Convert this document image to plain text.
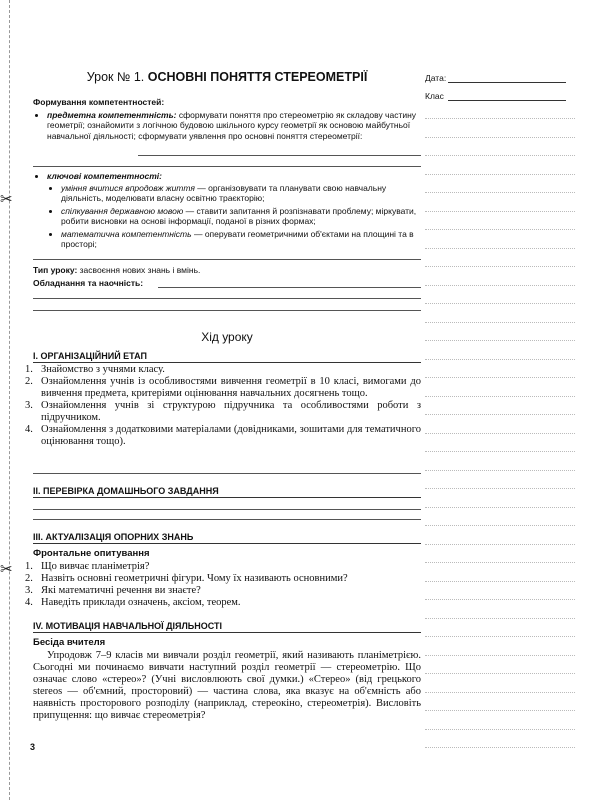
✂
✂
Дата:
Клас
Урок № 1. ОСНОВНІ ПОНЯТТЯ СТЕРЕОМЕТРІЇ
Формування компетентностей:
• предметна компетентність: сформувати поняття про стереометрію як складову частину геометрії; ознайомити з логічною будовою шкільного курсу геометрії як основою майбутньої навчальної діяльності; сформувати уявлення про основні поняття стереометрії:
• ключові компетентності:
• уміння вчитися впродовж життя — організовувати та планувати свою навчальну діяльність, моделювати власну освітню траєкторію;
• спілкування державною мовою — ставити запитання й розпізнавати проблему; міркувати, робити висновки на основі інформації, поданої в різних формах;
• математична компетентність — оперувати геометричними об'єктами на площині та в просторі;
Тип уроку: засвоєння нових знань і вмінь.
Обладнання та наочність:
Хід уроку
I. ОРГАНІЗАЦІЙНИЙ ЕТАП
1. Знайомство з учнями класу.
2. Ознайомлення учнів із особливостями вивчення геометрії в 10 класі, вимогами до вивчення предмета, критеріями оцінювання навчальних досягнень тощо.
3. Ознайомлення учнів зі структурою підручника та особливостями роботи з підручником.
4. Ознайомлення з додатковими матеріалами (довідниками, зошитами для тематичного оцінювання тощо).
II. ПЕРЕВІРКА ДОМАШНЬОГО ЗАВДАННЯ
III. АКТУАЛІЗАЦІЯ ОПОРНИХ ЗНАНЬ
Фронтальне опитування
1. Що вивчає планіметрія?
2. Назвіть основні геометричні фігури. Чому їх називають основними?
3. Які математичні речення ви знаєте?
4. Наведіть приклади означень, аксіом, теорем.
IV. МОТИВАЦІЯ НАВЧАЛЬНОЇ ДІЯЛЬНОСТІ
Бесіда вчителя
Упродовж 7–9 класів ми вивчали розділ геометрії, який називають планіметрією. Сьогодні ми починаємо вивчати наступний розділ геометрії — стереометрію. Що означає слово «стерео»? (Учні висловлюють свої думки.) «Стерео» (від грецького stereos — об'ємний, просторовий) — частина слова, яка вказує на об'ємність або наявність просторового розподілу (наприклад, стереокіно, стереометрія). Висловіть припущення: що вивчає стереометрія?
3
